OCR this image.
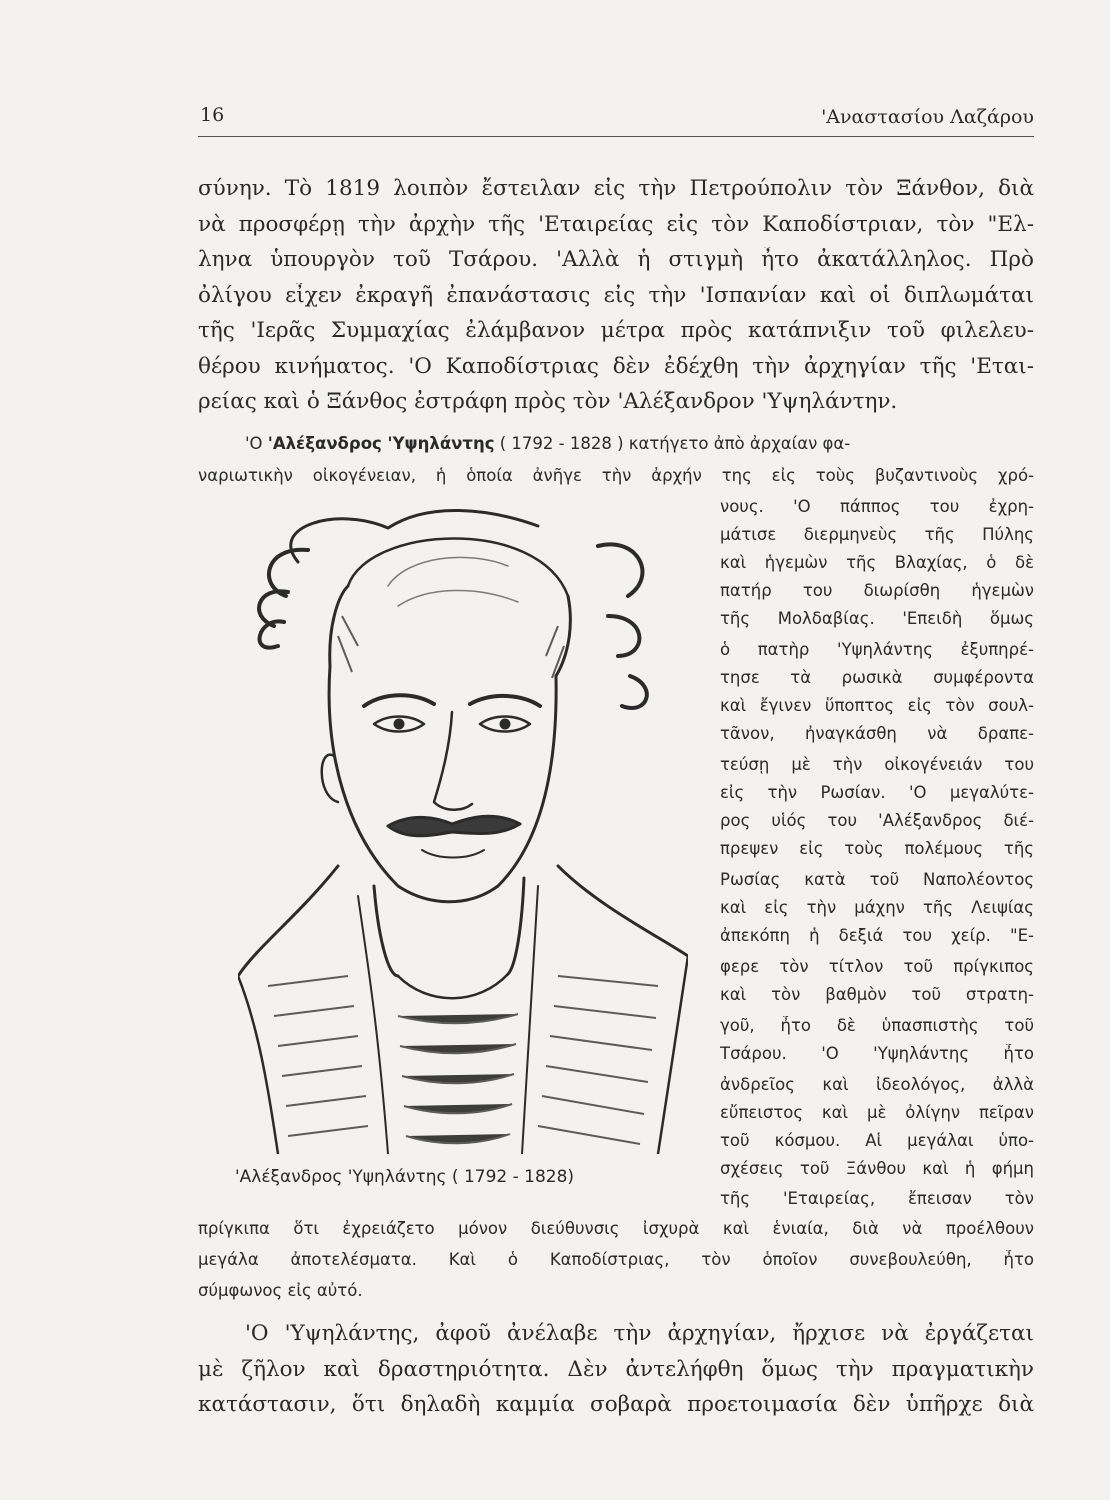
16	'Αναστασίου Λαζάρου
σύνην. Τὸ 1819 λοιπὸν ἔστειλαν εἰς τὴν Πετρούπολιν τὸν Ξάνθον, διὰ
νὰ προσφέρῃ τὴν ἀρχὴν τῆς 'Εταιρείας εἰς τὸν Καποδίστριαν, τὸν "Ελ-
ληνα ὑπουργὸν τοῦ Τσάρου. 'Αλλὰ ἡ στιγμὴ ἦτο ἀκατάλληλος. Πρὸ
ὀλίγου εἶχεν ἐκραγῆ ἐπανάστασις εἰς τὴν 'Ισπανίαν καὶ οἱ διπλωμάται
τῆς 'Ιερᾶς Συμμαχίας ἐλάμβανον μέτρα πρὸς κατάπνιξιν τοῦ φιλελευ-
θέρου κινήματος. 'Ο Καποδίστριας δὲν ἐδέχθη τὴν ἀρχηγίαν τῆς 'Εται-
ρείας καὶ ὁ Ξάνθος ἐστράφη πρὸς τὸν 'Αλέξανδρον 'Υψηλάντην.
'Ο 'Αλέξανδρος 'Υψηλάντης ( 1792 - 1828 ) κατήγετο ἀπὸ ἀρχαίαν φα-
ναριωτικὴν οἰκογένειαν, ἡ ὁποία ἀνῆγε τὴν ἀρχήν της εἰς τοὺς βυζαντινοὺς χρό-
νους. 'Ο πάππος του ἐχρη-
μάτισε διερμηνεὺς τῆς Πύλης
καὶ ἡγεμὼν τῆς Βλαχίας, ὁ δὲ
πατήρ του διωρίσθη ἡγεμὼν
τῆς Μολδαβίας. 'Επειδὴ ὅμως
ὁ πατὴρ 'Υψηλάντης ἐξυπηρέ-
τησε τὰ ρωσικὰ συμφέροντα
καὶ ἔγινεν ὕποπτος εἰς τὸν σουλ-
τᾶνον, ἠναγκάσθη νὰ δραπε-
τεύσῃ μὲ τὴν οἰκογένειάν του
εἰς τὴν Ρωσίαν. 'Ο μεγαλύτε-
ρος υἱός του 'Αλέξανδρος διέ-
πρεψεν εἰς τοὺς πολέμους τῆς
Ρωσίας κατὰ τοῦ Ναπολέοντος
καὶ εἰς τὴν μάχην τῆς Λειψίας
ἀπεκόπη ἡ δεξιά του χείρ. "Ε-
φερε τὸν τίτλον τοῦ πρίγκιπος
καὶ τὸν βαθμὸν τοῦ στρατη-
γοῦ, ἦτο δὲ ὑπασπιστὴς τοῦ
Τσάρου. 'Ο 'Υψηλάντης ἦτο
ἀνδρεῖος καὶ ἰδεολόγος, ἀλλὰ
εὔπειστος καὶ μὲ ὀλίγην πεῖραν
τοῦ κόσμου. Αἱ μεγάλαι ὑπο-
σχέσεις τοῦ Ξάνθου καὶ ἡ φήμη
τῆς 'Εταιρείας, ἔπεισαν τὸν
πρίγκιπα ὅτι ἐχρειάζετο μόνον διεύθυνσις ἰσχυρὰ καὶ ἑνιαία, διὰ νὰ προέλθουν
μεγάλα ἀποτελέσματα. Καὶ ὁ Καποδίστριας, τὸν ὁποῖον συνεβουλεύθη, ἦτο
σύμφωνος εἰς αὐτό.
'Αλέξανδρος 'Υψηλάντης ( 1792 - 1828)
'Ο 'Υψηλάντης, ἀφοῦ ἀνέλαβε τὴν ἀρχηγίαν, ἤρχισε νὰ ἐργάζεται
μὲ ζῆλον καὶ δραστηριότητα. Δὲν ἀντελήφθη ὅμως τὴν πραγματικὴν
κατάστασιν, ὅτι δηλαδὴ καμμία σοβαρὰ προετοιμασία δὲν ὑπῆρχε διὰ
